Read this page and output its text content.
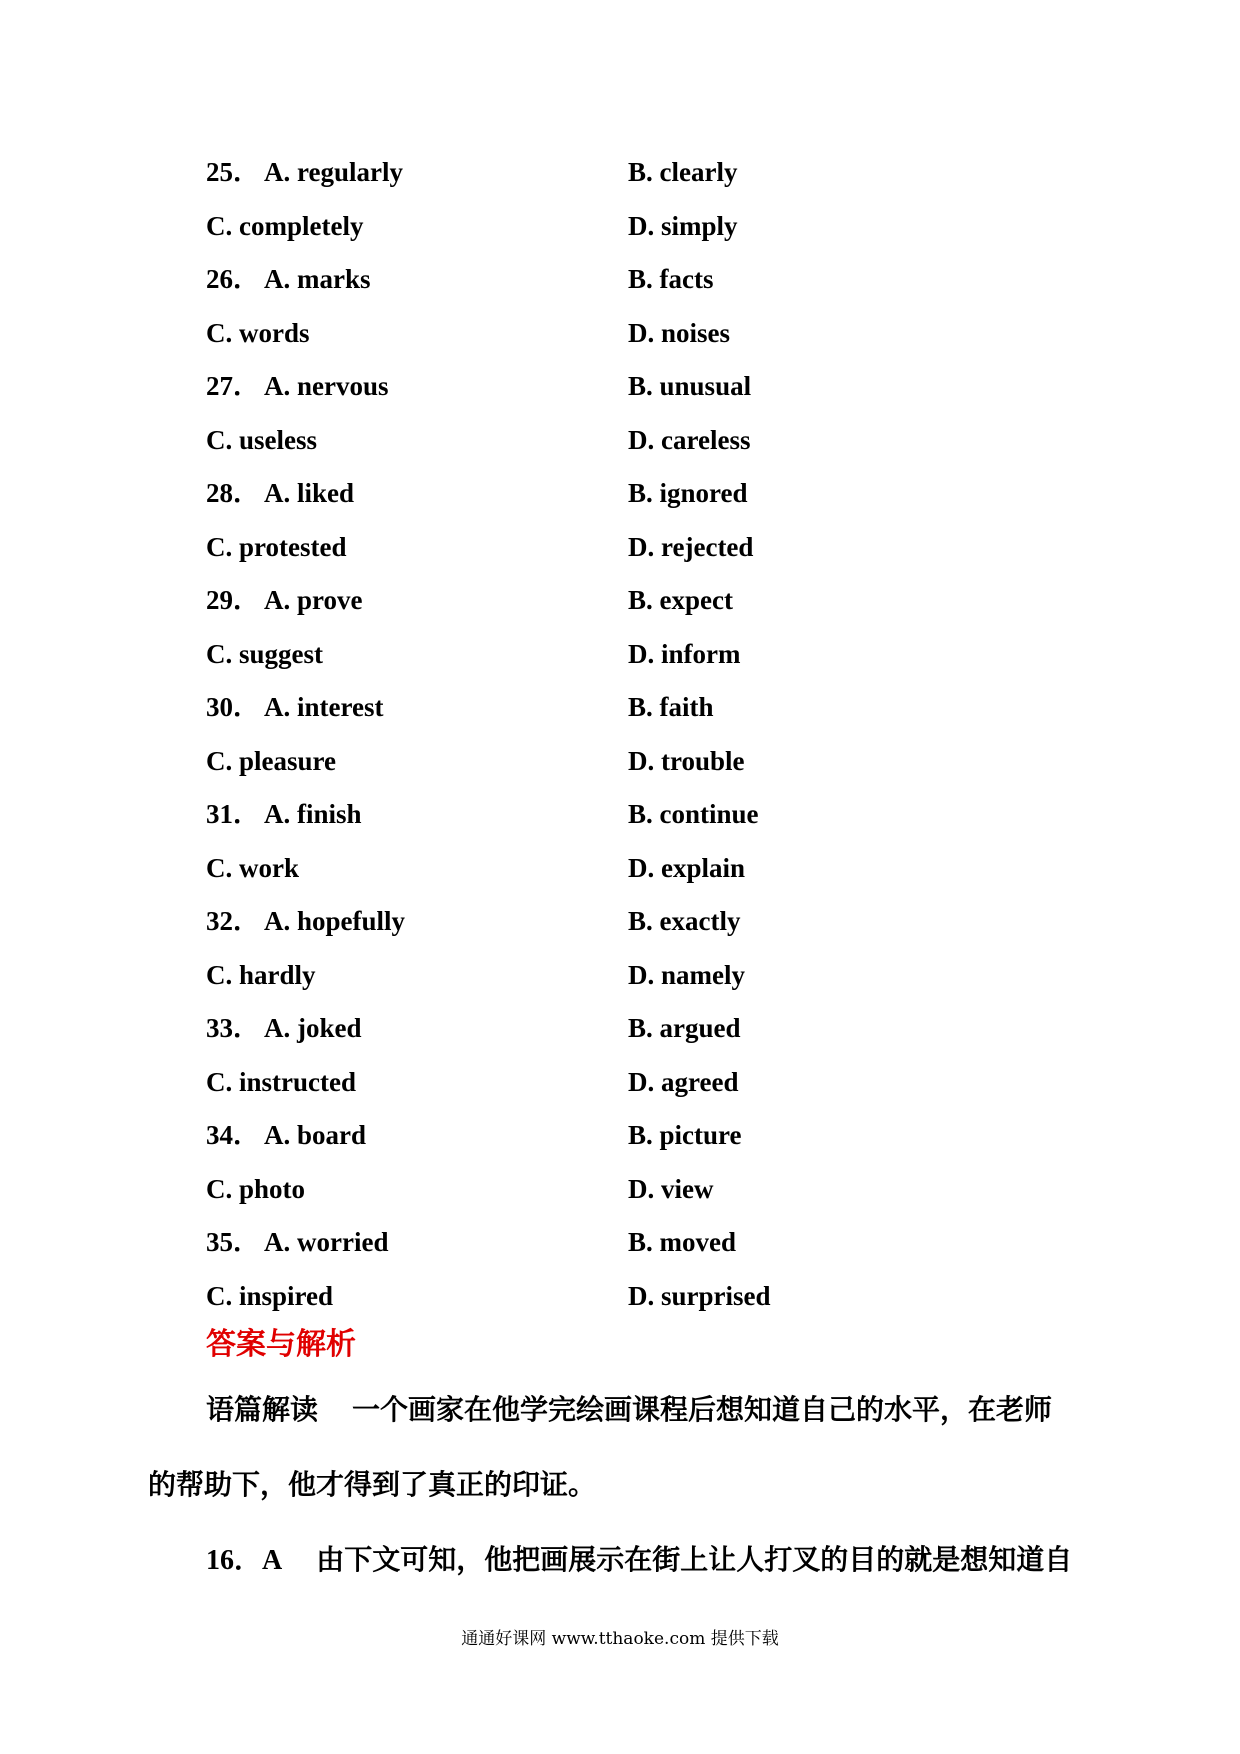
25． A. regularly	B. clearly
C. completely	D. simply
26． A. marks	B. facts
C. words	D. noises
27． A. nervous	B. unusual
C. useless	D. careless
28． A. liked	B. ignored
C. protested	D. rejected
29． A. prove	B. expect
C. suggest	D. inform
30． A. interest	B. faith
C. pleasure	D. trouble
31． A. finish	B. continue
C. work	D. explain
32． A. hopefully	B. exactly
C. hardly	D. namely
33． A. joked	B. argued
C. instructed	D. agreed
34． A. board	B. picture
C. photo	D. view
35． A. worried	B. moved
C. inspired	D. surprised
答案与解析
语篇解读 一个画家在他学完绘画课程后想知道自己的水平，在老师
的帮助下，他才得到了真正的印证。
16．A 由下文可知，他把画展示在街上让人打叉的目的就是想知道自
通通好课网 www.tthaoke.com 提供下载
